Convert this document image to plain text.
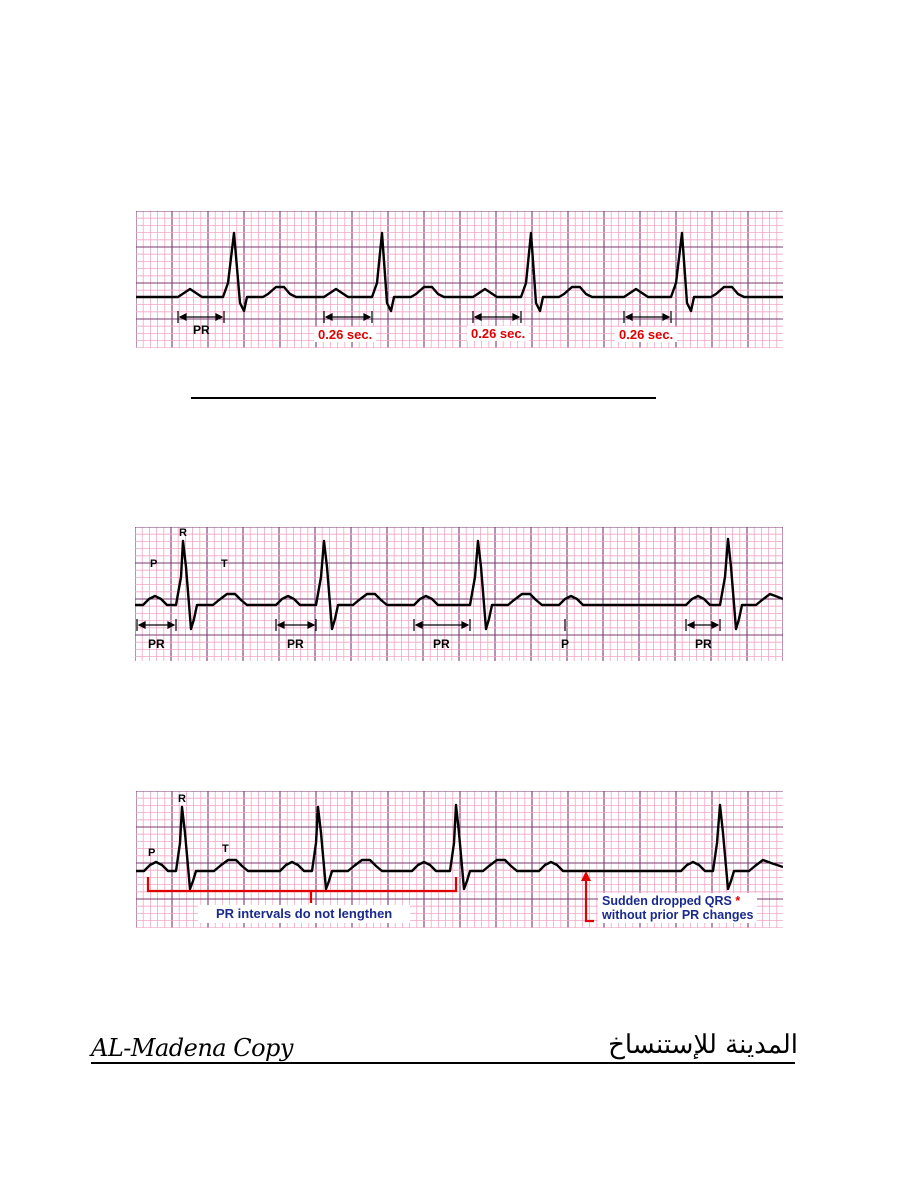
PR	0.26 sec.	0.26 sec.	0.26 sec.
P
R
T
PR	PR	PR	P	PR
P
R
T
PR intervals do not lengthen
Sudden dropped QRS *
without prior PR changes
AL-Madena Copy	المدينة للإستنساخ
